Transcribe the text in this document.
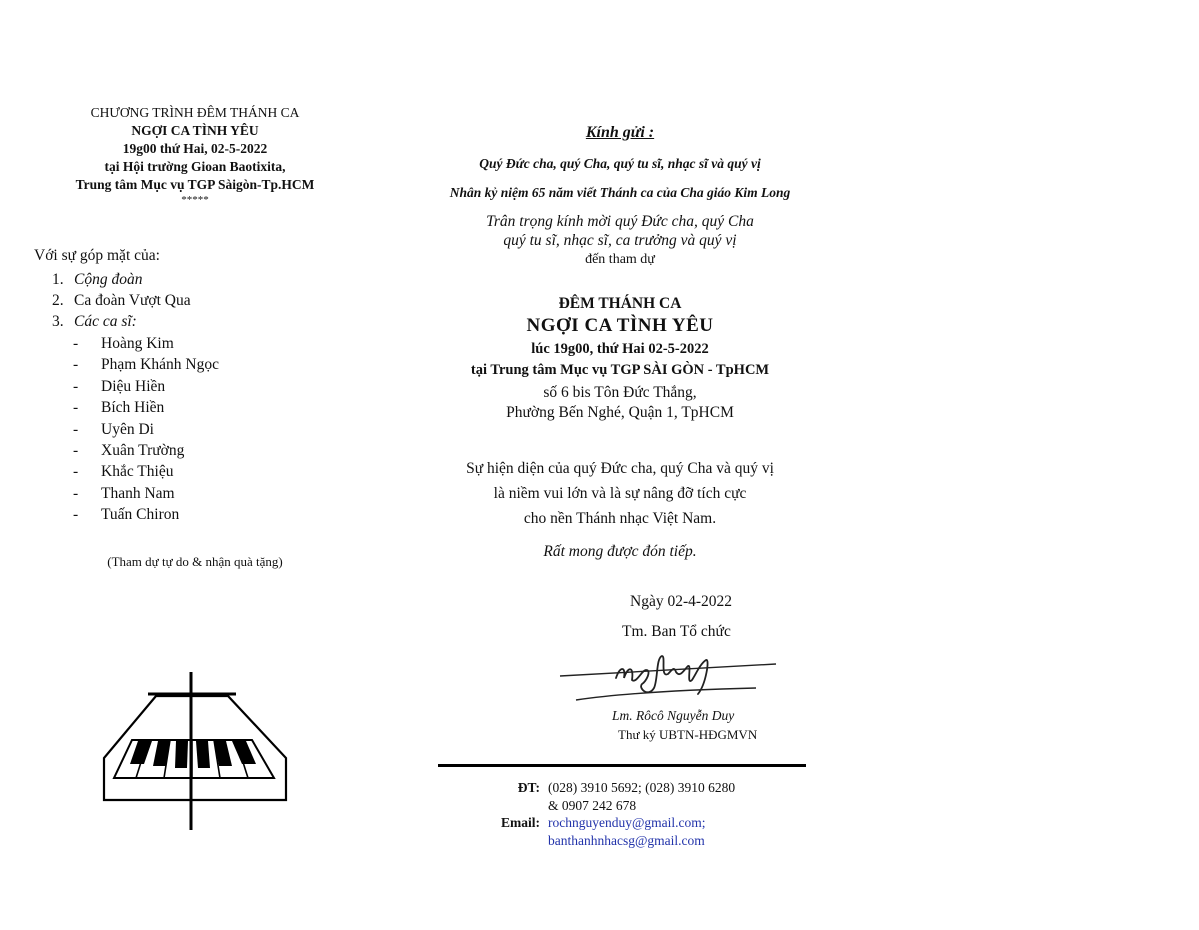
CHƯƠNG TRÌNH ĐÊM THÁNH CA
NGỢI CA TÌNH YÊU
19g00 thứ Hai, 02-5-2022
tại Hội trường Gioan Baotixita,
Trung tâm Mục vụ TGP Sàigòn-Tp.HCM
*****
Với sự góp mặt của:
1. Cộng đoàn
2. Ca đoàn Vượt Qua
3. Các ca sĩ:
-	Hoàng Kim
-	Phạm Khánh Ngọc
-	Diệu Hiền
-	Bích Hiền
-	Uyên Di
-	Xuân Trường
-	Khắc Thiệu
-	Thanh Nam
-	Tuấn Chiron
(Tham dự tự do & nhận quà tặng)
Kính gửi :
Quý Đức cha, quý Cha, quý tu sĩ, nhạc sĩ và quý vị
Nhân kỷ niệm 65 năm viết Thánh ca của Cha giáo Kim Long
Trân trọng kính mời quý Đức cha, quý Cha
quý tu sĩ, nhạc sĩ, ca trưởng và quý vị
đến tham dự
ĐÊM THÁNH CA
NGỢI CA TÌNH YÊU
lúc 19g00, thứ Hai 02-5-2022
tại Trung tâm Mục vụ TGP SÀI GÒN - TpHCM
số 6 bis Tôn Đức Thắng,
Phường Bến Nghé, Quận 1, TpHCM
Sự hiện diện của quý Đức cha, quý Cha và quý vị
là niềm vui lớn và là sự nâng đỡ tích cực
cho nền Thánh nhạc Việt Nam.
Rất mong được đón tiếp.
Ngày 02-4-2022
Tm. Ban Tổ chức
Lm. Rôcô Nguyễn Duy
Thư ký UBTN-HĐGMVN
ĐT: (028) 3910 5692; (028) 3910 6280
& 0907 242 678
Email: rochnguyenduy@gmail.com;
banthanhnhacsg@gmail.com
